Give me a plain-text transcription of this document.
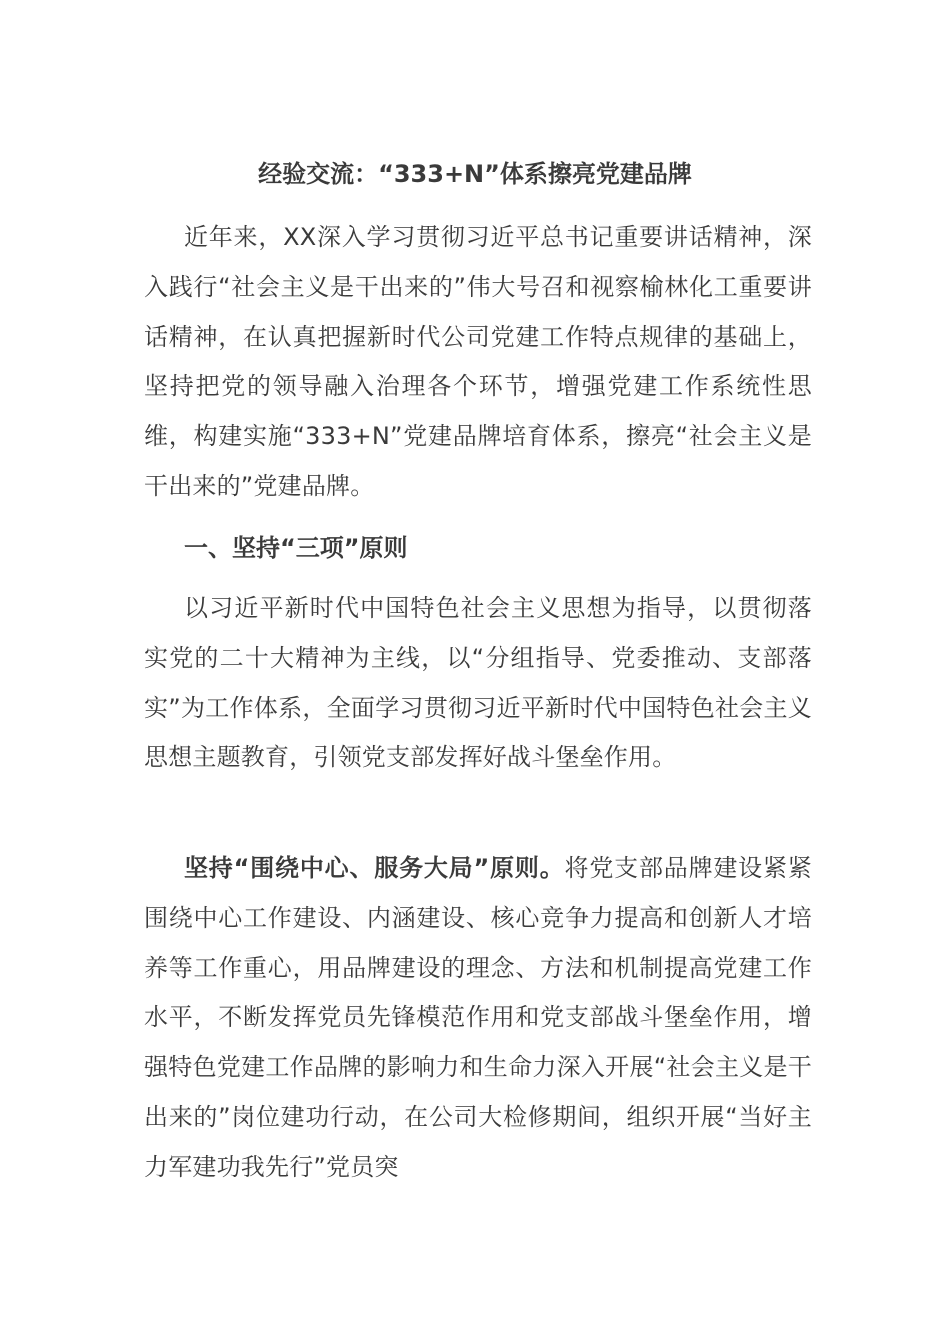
经验交流：“333+N”体系擦亮党建品牌

近年来，XX深入学习贯彻习近平总书记重要讲话精神，深入践行“社会主义是干出来的”伟大号召和视察榆林化工重要讲话精神，在认真把握新时代公司党建工作特点规律的基础上，坚持把党的领导融入治理各个环节，增强党建工作系统性思维，构建实施“333+N”党建品牌培育体系，擦亮“社会主义是干出来的”党建品牌。

一、坚持“三项”原则

以习近平新时代中国特色社会主义思想为指导，以贯彻落实党的二十大精神为主线，以“分组指导、党委推动、支部落实”为工作体系，全面学习贯彻习近平新时代中国特色社会主义思想主题教育，引领党支部发挥好战斗堡垒作用。

坚持“围绕中心、服务大局”原则。将党支部品牌建设紧紧围绕中心工作建设、内涵建设、核心竞争力提高和创新人才培养等工作重心，用品牌建设的理念、方法和机制提高党建工作水平，不断发挥党员先锋模范作用和党支部战斗堡垒作用，增强特色党建工作品牌的影响力和生命力深入开展“社会主义是干出来的”岗位建功行动，在公司大检修期间，组织开展“当好主力军建功我先行”党员突
